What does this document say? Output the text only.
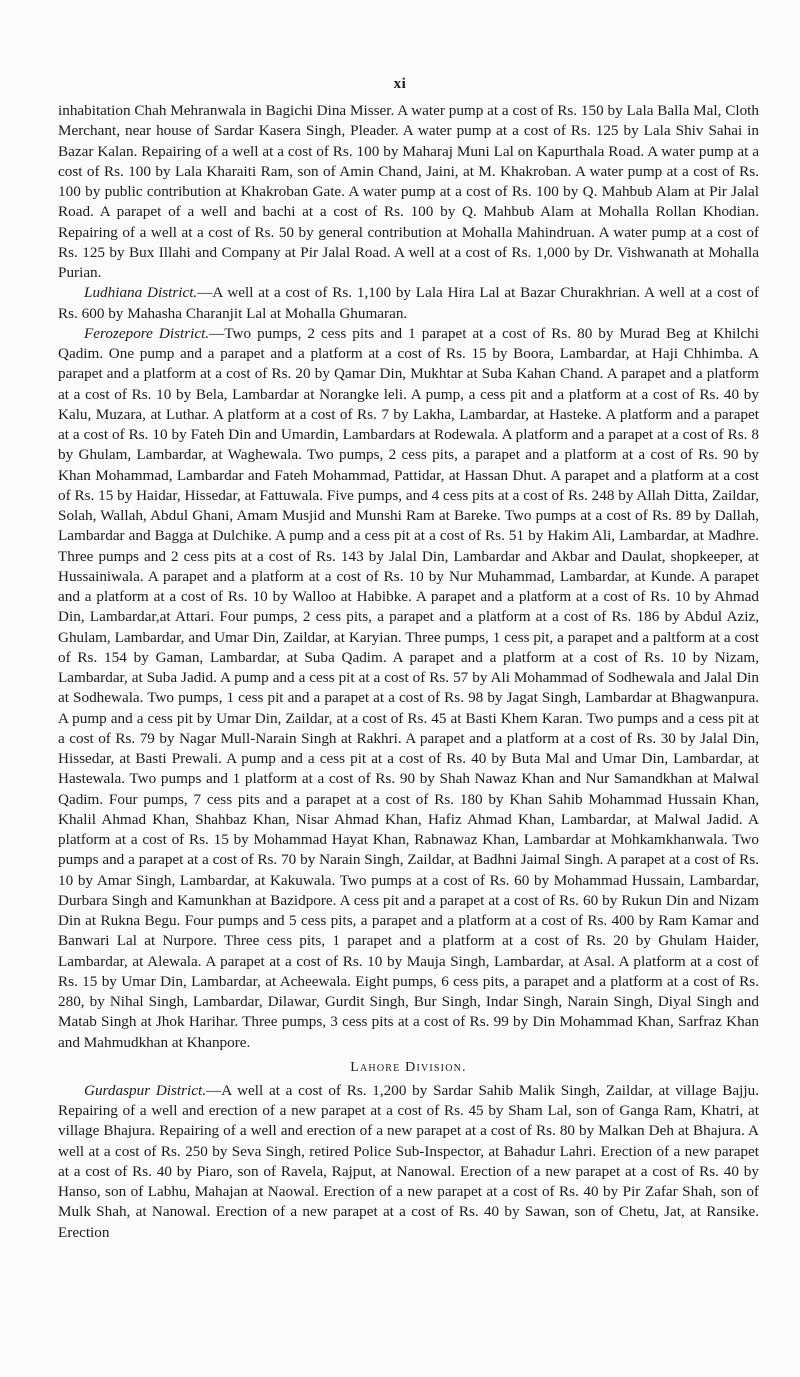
xi

inhabitation Chah Mehranwala in Bagichi Dina Misser. A water pump at a cost of Rs. 150 by Lala Balla Mal, Cloth Merchant, near house of Sardar Kasera Singh, Pleader. A water pump at a cost of Rs. 125 by Lala Shiv Sahai in Bazar Kalan. Repairing of a well at a cost of Rs. 100 by Maharaj Muni Lal on Kapurthala Road. A water pump at a cost of Rs. 100 by Lala Kharaiti Ram, son of Amin Chand, Jaini, at M. Khakroban. A water pump at a cost of Rs. 100 by public contribution at Khakroban Gate. A water pump at a cost of Rs. 100 by Q. Mahbub Alam at Pir Jalal Road. A parapet of a well and bachi at a cost of Rs. 100 by Q. Mahbub Alam at Mohalla Rollan Khodian. Repairing of a well at a cost of Rs. 50 by general contribution at Mohalla Mahindruan. A water pump at a cost of Rs. 125 by Bux Illahi and Company at Pir Jalal Road. A well at a cost of Rs. 1,000 by Dr. Vishwanath at Mohalla Purian.

Ludhiana District.—A well at a cost of Rs. 1,100 by Lala Hira Lal at Bazar Churakhrian. A well at a cost of Rs. 600 by Mahasha Charanjit Lal at Mohalla Ghumaran.

Ferozepore District.—Two pumps, 2 cess pits and 1 parapet at a cost of Rs. 80 by Murad Beg at Khilchi Qadim. One pump and a parapet and a platform at a cost of Rs. 15 by Boora, Lambardar, at Haji Chhimba. A parapet and a platform at a cost of Rs. 20 by Qamar Din, Mukhtar at Suba Kahan Chand. A parapet and a platform at a cost of Rs. 10 by Bela, Lambardar at Norangke leli. A pump, a cess pit and a platform at a cost of Rs. 40 by Kalu, Muzara, at Luthar. A platform at a cost of Rs. 7 by Lakha, Lambardar, at Hasteke. A platform and a parapet at a cost of Rs. 10 by Fateh Din and Umardin, Lambardars at Rodewala. A platform and a parapet at a cost of Rs. 8 by Ghulam, Lambardar, at Waghewala. Two pumps, 2 cess pits, a parapet and a platform at a cost of Rs. 90 by Khan Mohammad, Lambardar and Fateh Mohammad, Pattidar, at Hassan Dhut. A parapet and a platform at a cost of Rs. 15 by Haidar, Hissedar, at Fattuwala. Five pumps, and 4 cess pits at a cost of Rs. 248 by Allah Ditta, Zaildar, Solah, Wallah, Abdul Ghani, Amam Musjid and Munshi Ram at Bareke. Two pumps at a cost of Rs. 89 by Dallah, Lambardar and Bagga at Dulchike. A pump and a cess pit at a cost of Rs. 51 by Hakim Ali, Lambardar, at Madhre. Three pumps and 2 cess pits at a cost of Rs. 143 by Jalal Din, Lambardar and Akbar and Daulat, shopkeeper, at Hussainiwala. A parapet and a platform at a cost of Rs. 10 by Nur Muhammad, Lambardar, at Kunde. A parapet and a platform at a cost of Rs. 10 by Walloo at Habibke. A parapet and a platform at a cost of Rs. 10 by Ahmad Din, Lambardar,at Attari. Four pumps, 2 cess pits, a parapet and a platform at a cost of Rs. 186 by Abdul Aziz, Ghulam, Lambardar, and Umar Din, Zaildar, at Karyian. Three pumps, 1 cess pit, a parapet and a paltform at a cost of Rs. 154 by Gaman, Lambardar, at Suba Qadim. A parapet and a platform at a cost of Rs. 10 by Nizam, Lambardar, at Suba Jadid. A pump and a cess pit at a cost of Rs. 57 by Ali Mohammad of Sodhewala and Jalal Din at Sodhewala. Two pumps, 1 cess pit and a parapet at a cost of Rs. 98 by Jagat Singh, Lambardar at Bhagwanpura. A pump and a cess pit by Umar Din, Zaildar, at a cost of Rs. 45 at Basti Khem Karan. Two pumps and a cess pit at a cost of Rs. 79 by Nagar Mull-Narain Singh at Rakhri. A parapet and a platform at a cost of Rs. 30 by Jalal Din, Hissedar, at Basti Prewali. A pump and a cess pit at a cost of Rs. 40 by Buta Mal and Umar Din, Lambardar, at Hastewala. Two pumps and 1 platform at a cost of Rs. 90 by Shah Nawaz Khan and Nur Samandkhan at Malwal Qadim. Four pumps, 7 cess pits and a parapet at a cost of Rs. 180 by Khan Sahib Mohammad Hussain Khan, Khalil Ahmad Khan, Shahbaz Khan, Nisar Ahmad Khan, Hafiz Ahmad Khan, Lambardar, at Malwal Jadid. A platform at a cost of Rs. 15 by Mohammad Hayat Khan, Rabnawaz Khan, Lambardar at Mohkamkhanwala. Two pumps and a parapet at a cost of Rs. 70 by Narain Singh, Zaildar, at Badhni Jaimal Singh. A parapet at a cost of Rs. 10 by Amar Singh, Lambardar, at Kakuwala. Two pumps at a cost of Rs. 60 by Mohammad Hussain, Lambardar, Durbara Singh and Kamunkhan at Bazidpore. A cess pit and a parapet at a cost of Rs. 60 by Rukun Din and Nizam Din at Rukna Begu. Four pumps and 5 cess pits, a parapet and a platform at a cost of Rs. 400 by Ram Kamar and Banwari Lal at Nurpore. Three cess pits, 1 parapet and a platform at a cost of Rs. 20 by Ghulam Haider, Lambardar, at Alewala. A parapet at a cost of Rs. 10 by Mauja Singh, Lambardar, at Asal. A platform at a cost of Rs. 15 by Umar Din, Lambardar, at Acheewala. Eight pumps, 6 cess pits, a parapet and a platform at a cost of Rs. 280, by Nihal Singh, Lambardar, Dilawar, Gurdit Singh, Bur Singh, Indar Singh, Narain Singh, Diyal Singh and Matab Singh at Jhok Harihar. Three pumps, 3 cess pits at a cost of Rs. 99 by Din Mohammad Khan, Sarfraz Khan and Mahmudkhan at Khanpore.

Lahore Division.

Gurdaspur District.—A well at a cost of Rs. 1,200 by Sardar Sahib Malik Singh, Zaildar, at village Bajju. Repairing of a well and erection of a new parapet at a cost of Rs. 45 by Sham Lal, son of Ganga Ram, Khatri, at village Bhajura. Repairing of a well and erection of a new parapet at a cost of Rs. 80 by Malkan Deh at Bhajura. A well at a cost of Rs. 250 by Seva Singh, retired Police Sub-Inspector, at Bahadur Lahri. Erection of a new parapet at a cost of Rs. 40 by Piaro, son of Ravela, Rajput, at Nanowal. Erection of a new parapet at a cost of Rs. 40 by Hanso, son of Labhu, Mahajan at Naowal. Erection of a new parapet at a cost of Rs. 40 by Pir Zafar Shah, son of Mulk Shah, at Nanowal. Erection of a new parapet at a cost of Rs. 40 by Sawan, son of Chetu, Jat, at Ransike. Erection
